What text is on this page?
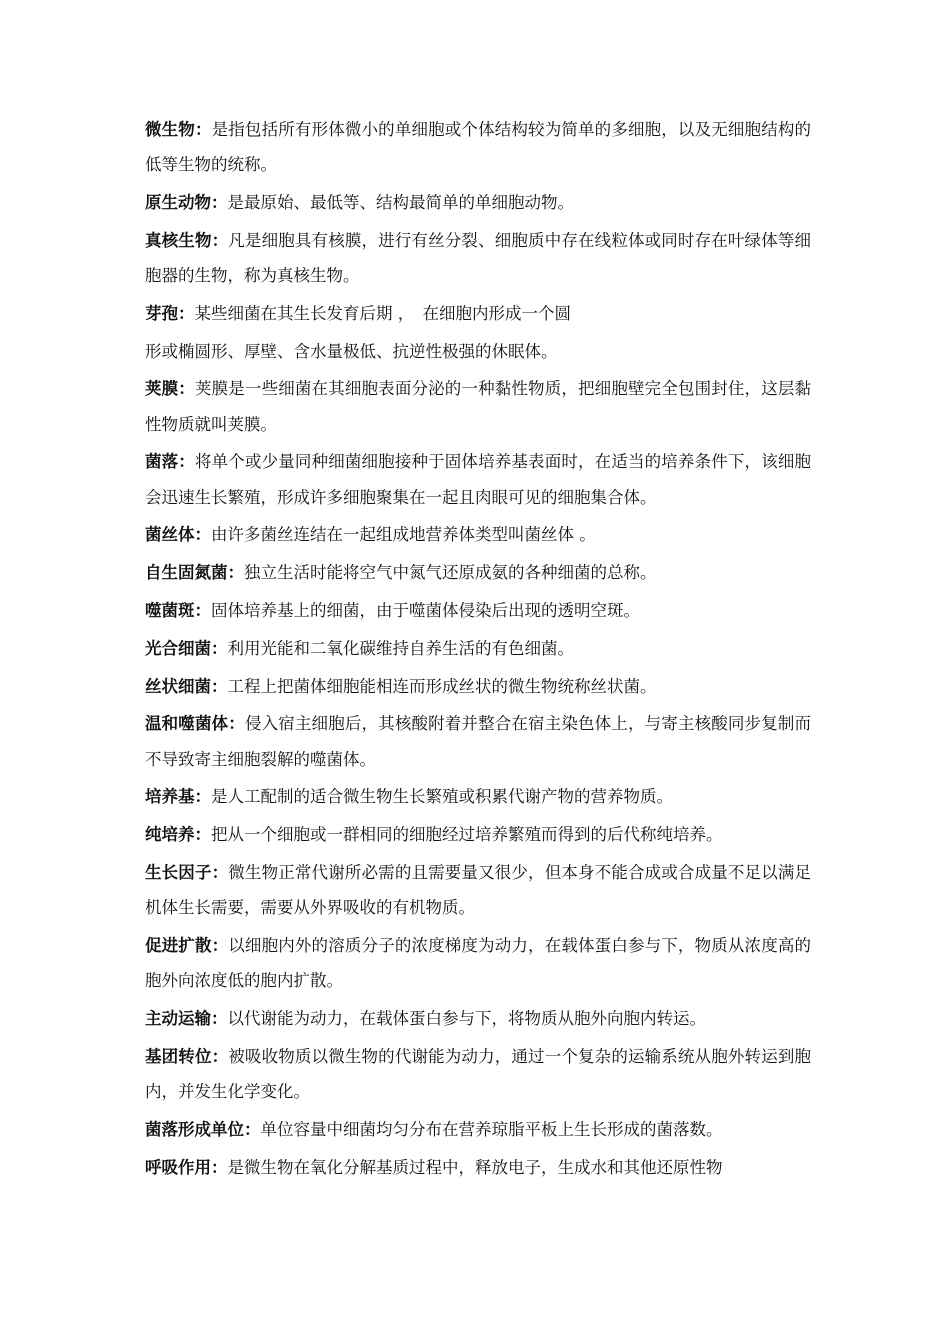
微生物：是指包括所有形体微小的单细胞或个体结构较为简单的多细胞，以及无细胞结构的低等生物的统称。

原生动物：是最原始、最低等、结构最简单的单细胞动物。

真核生物：凡是细胞具有核膜，进行有丝分裂、细胞质中存在线粒体或同时存在叶绿体等细胞器的生物，称为真核生物。

芽孢：某些细菌在其生长发育后期 ，　在细胞内形成一个圆

形或椭圆形、厚壁、含水量极低、抗逆性极强的休眠体。

荚膜：荚膜是一些细菌在其细胞表面分泌的一种黏性物质，把细胞壁完全包围封住，这层黏性物质就叫荚膜。

菌落：将单个或少量同种细菌细胞接种于固体培养基表面时，在适当的培养条件下，该细胞会迅速生长繁殖，形成许多细胞聚集在一起且肉眼可见的细胞集合体。

菌丝体：由许多菌丝连结在一起组成地营养体类型叫菌丝体 。

自生固氮菌：独立生活时能将空气中氮气还原成氨的各种细菌的总称。

噬菌斑：固体培养基上的细菌，由于噬菌体侵染后出现的透明空斑。

光合细菌：利用光能和二氧化碳维持自养生活的有色细菌。

丝状细菌：工程上把菌体细胞能相连而形成丝状的微生物统称丝状菌。

温和噬菌体：侵入宿主细胞后，其核酸附着并整合在宿主染色体上，与寄主核酸同步复制而不导致寄主细胞裂解的噬菌体。

培养基：是人工配制的适合微生物生长繁殖或积累代谢产物的营养物质。

纯培养：把从一个细胞或一群相同的细胞经过培养繁殖而得到的后代称纯培养。

生长因子：微生物正常代谢所必需的且需要量又很少，但本身不能合成或合成量不足以满足机体生长需要，需要从外界吸收的有机物质。

促进扩散：以细胞内外的溶质分子的浓度梯度为动力，在载体蛋白参与下，物质从浓度高的胞外向浓度低的胞内扩散。

主动运输：以代谢能为动力，在载体蛋白参与下，将物质从胞外向胞内转运。

基团转位：被吸收物质以微生物的代谢能为动力，通过一个复杂的运输系统从胞外转运到胞内，并发生化学变化。

菌落形成单位：单位容量中细菌均匀分布在营养琼脂平板上生长形成的菌落数。

呼吸作用：是微生物在氧化分解基质过程中，释放电子，生成水和其他还原性物
